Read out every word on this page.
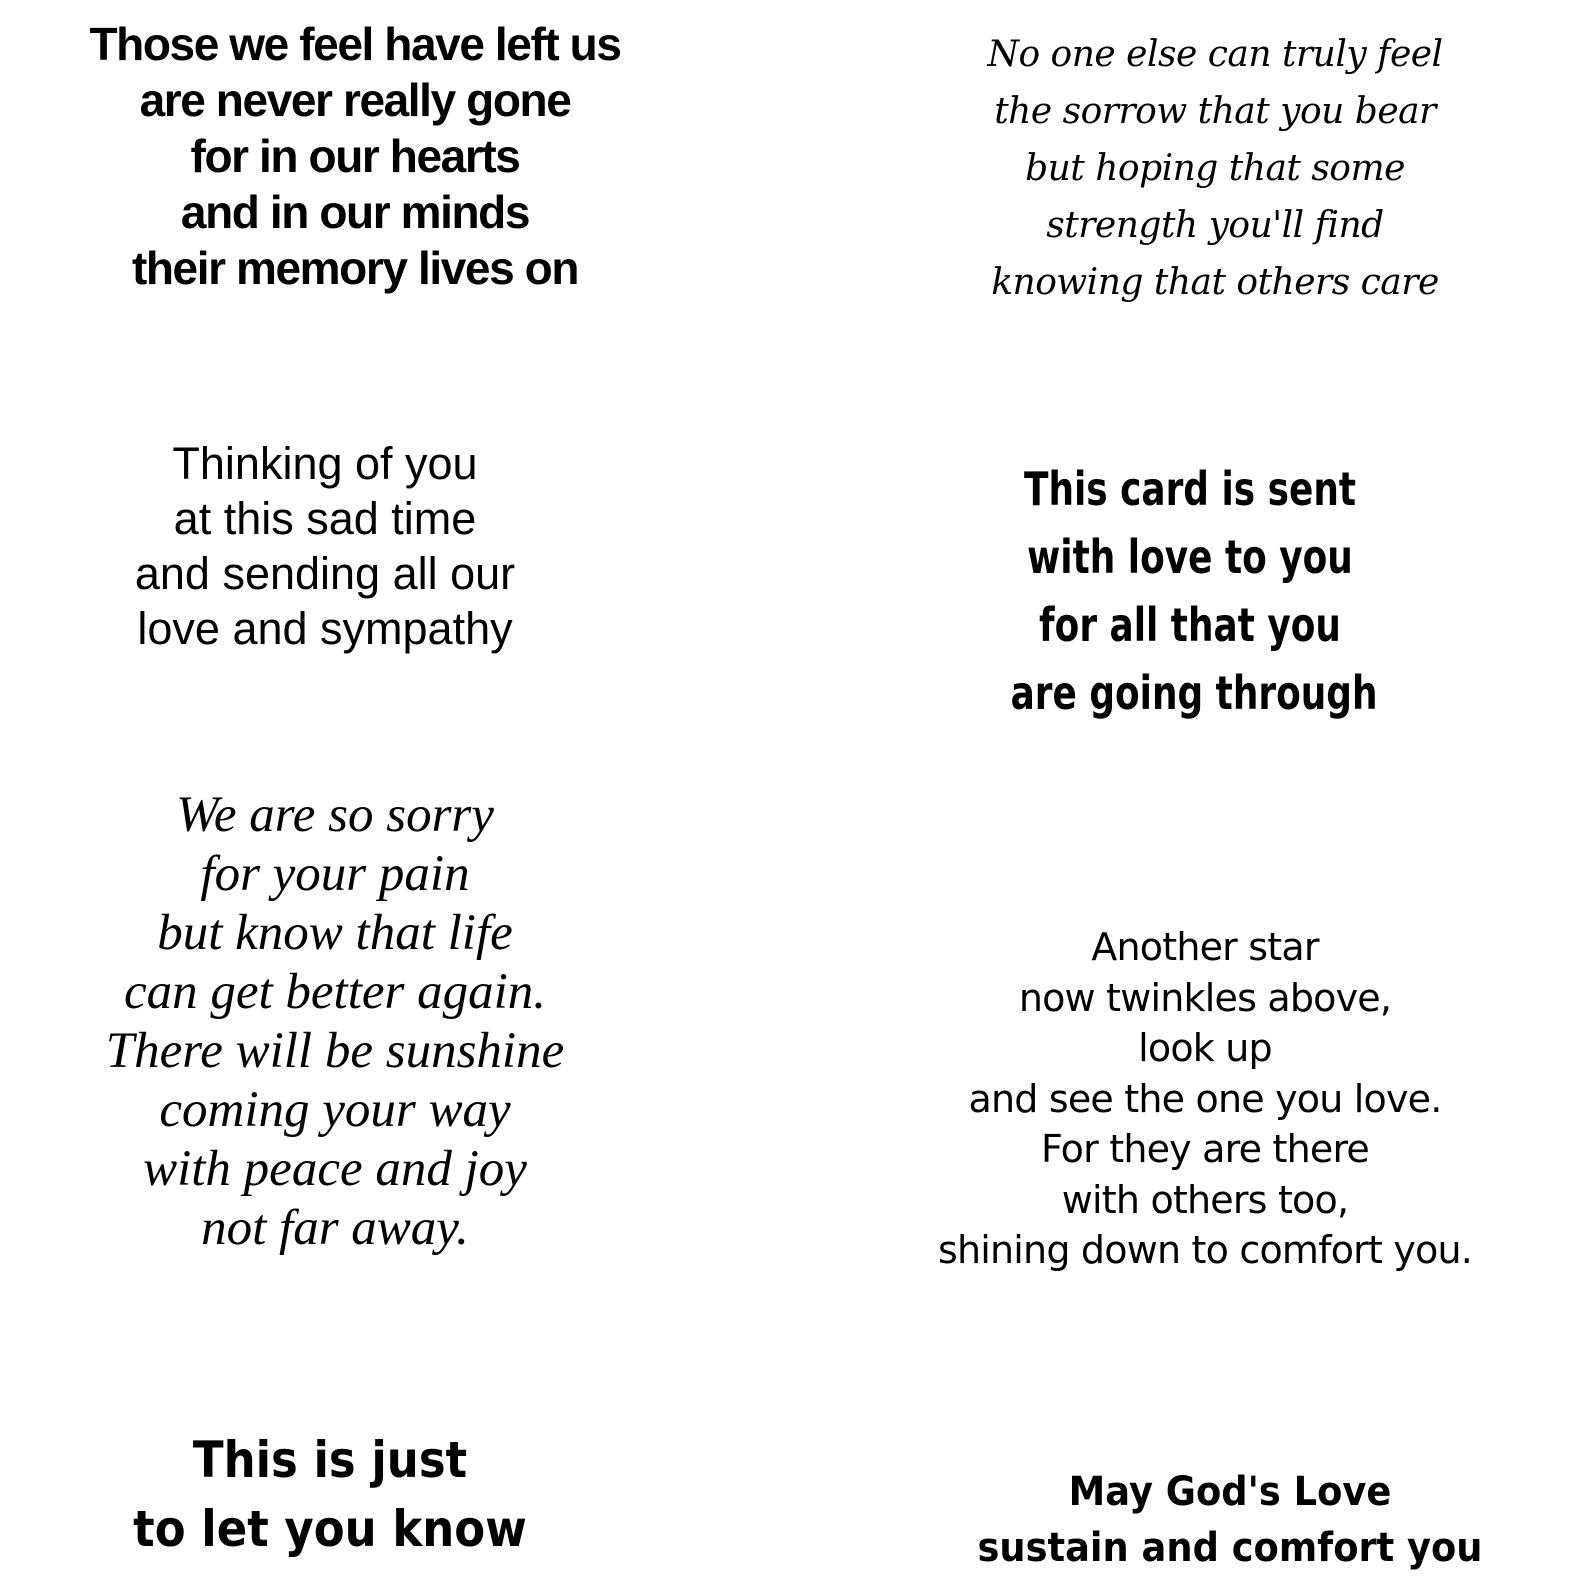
Those we feel have left us
are never really gone
for in our hearts
and in our minds
their memory lives on
No one else can truly feel
the sorrow that you bear
but hoping that some
strength you'll find
knowing that others care
Thinking of you
at this sad time
and sending all our
love and sympathy
This card is sent
with love to you
for all that you
are going through
We are so sorry
for your pain
but know that life
can get better again.
There will be sunshine
coming your way
with peace and joy
not far away.
Another star
now twinkles above,
look up
and see the one you love.
For they are there
with others too,
shining down to comfort you.
This is just
to let you know
May God's Love
sustain and comfort you
